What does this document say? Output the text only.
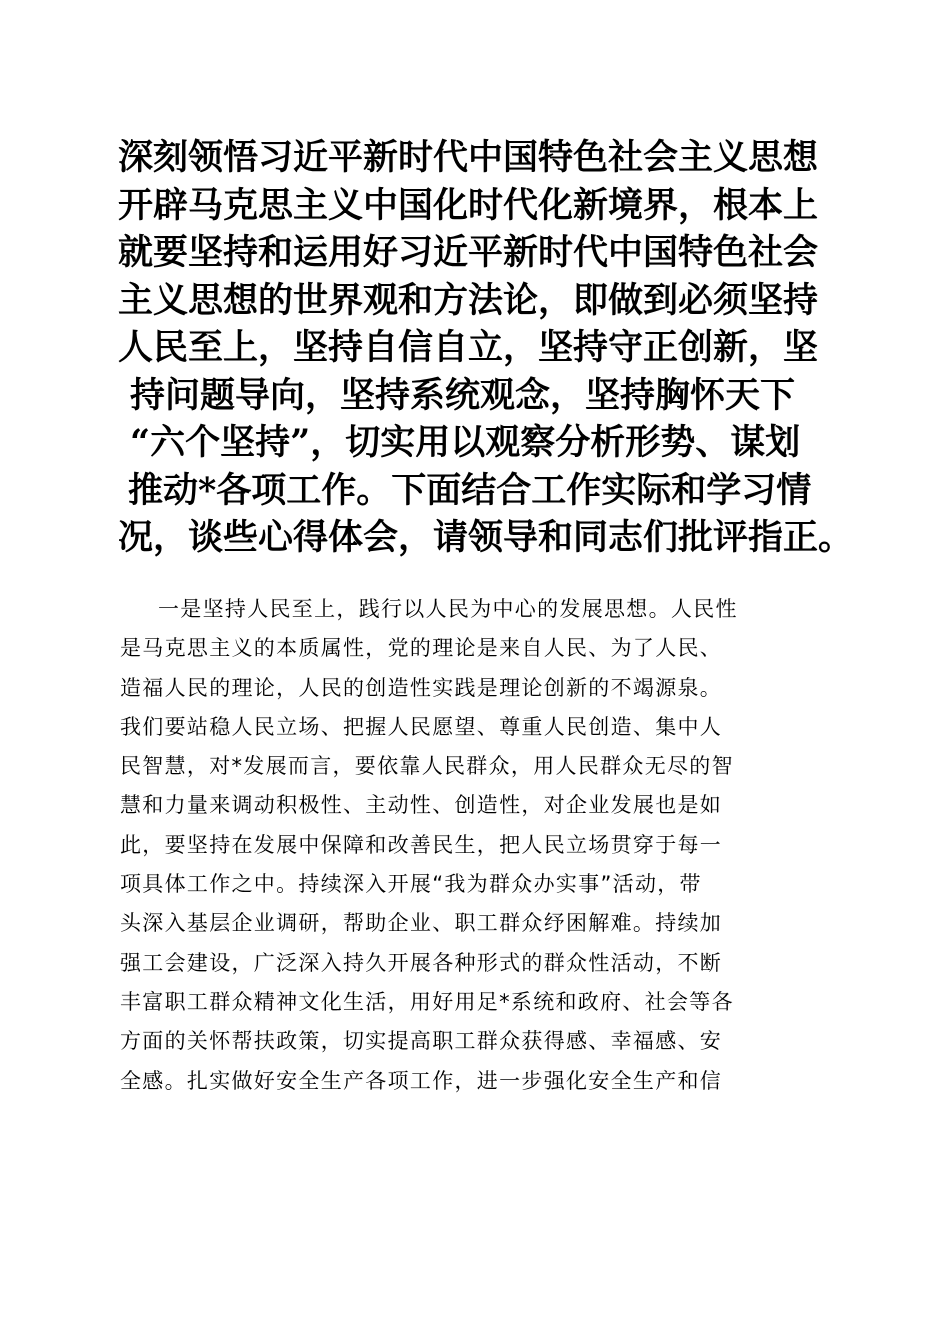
深刻领悟习近平新时代中国特色社会主义思想
开辟马克思主义中国化时代化新境界，根本上
就要坚持和运用好习近平新时代中国特色社会
主义思想的世界观和方法论，即做到必须坚持
人民至上，坚持自信自立，坚持守正创新，坚
持问题导向，坚持系统观念，坚持胸怀天下
“六个坚持”，切实用以观察分析形势、谋划
推动*各项工作。下面结合工作实际和学习情
况，谈些心得体会，请领导和同志们批评指正。
一是坚持人民至上，践行以人民为中心的发展思想。人民性
是马克思主义的本质属性，党的理论是来自人民、为了人民、
造福人民的理论，人民的创造性实践是理论创新的不竭源泉。
我们要站稳人民立场、把握人民愿望、尊重人民创造、集中人
民智慧，对*发展而言，要依靠人民群众，用人民群众无尽的智
慧和力量来调动积极性、主动性、创造性，对企业发展也是如
此，要坚持在发展中保障和改善民生，把人民立场贯穿于每一
项具体工作之中。持续深入开展“我为群众办实事”活动，带
头深入基层企业调研，帮助企业、职工群众纾困解难。持续加
强工会建设，广泛深入持久开展各种形式的群众性活动，不断
丰富职工群众精神文化生活，用好用足*系统和政府、社会等各
方面的关怀帮扶政策，切实提高职工群众获得感、幸福感、安
全感。扎实做好安全生产各项工作，进一步强化安全生产和信
